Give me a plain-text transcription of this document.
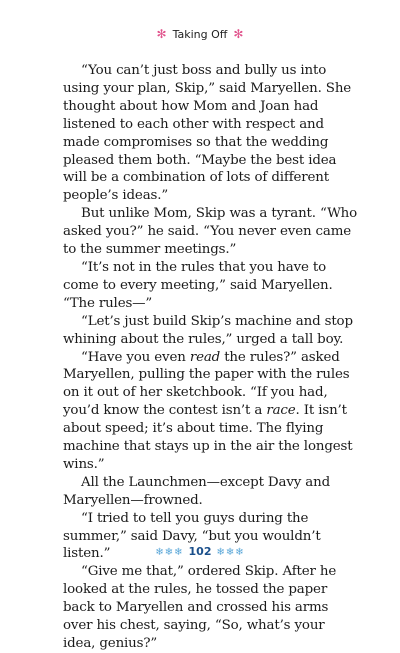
✻ Taking Off ✻

“You can’t just boss and bully us into using your plan, Skip,” said Maryellen. She thought about how Mom and Joan had listened to each other with respect and made compromises so that the wedding pleased them both. “Maybe the best idea will be a combination of lots of different people’s ideas.”

But unlike Mom, Skip was a tyrant. “Who asked you?” he said. “You never even came to the summer meetings.”

“It’s not in the rules that you have to come to every meeting,” said Maryellen. “The rules—”

“Let’s just build Skip’s machine and stop whining about the rules,” urged a tall boy.

“Have you even read the rules?” asked Maryellen, pulling the paper with the rules on it out of her sketchbook. “If you had, you’d know the contest isn’t a race. It isn’t about speed; it’s about time. The flying machine that stays up in the air the longest wins.”

All the Launchmen—except Davy and Maryellen—frowned.

“I tried to tell you guys during the summer,” said Davy, “but you wouldn’t listen.”

“Give me that,” ordered Skip. After he looked at the rules, he tossed the paper back to Maryellen and crossed his arms over his chest, saying, “So, what’s your idea, genius?”

❄❄❄ 102 ❄❄❄
